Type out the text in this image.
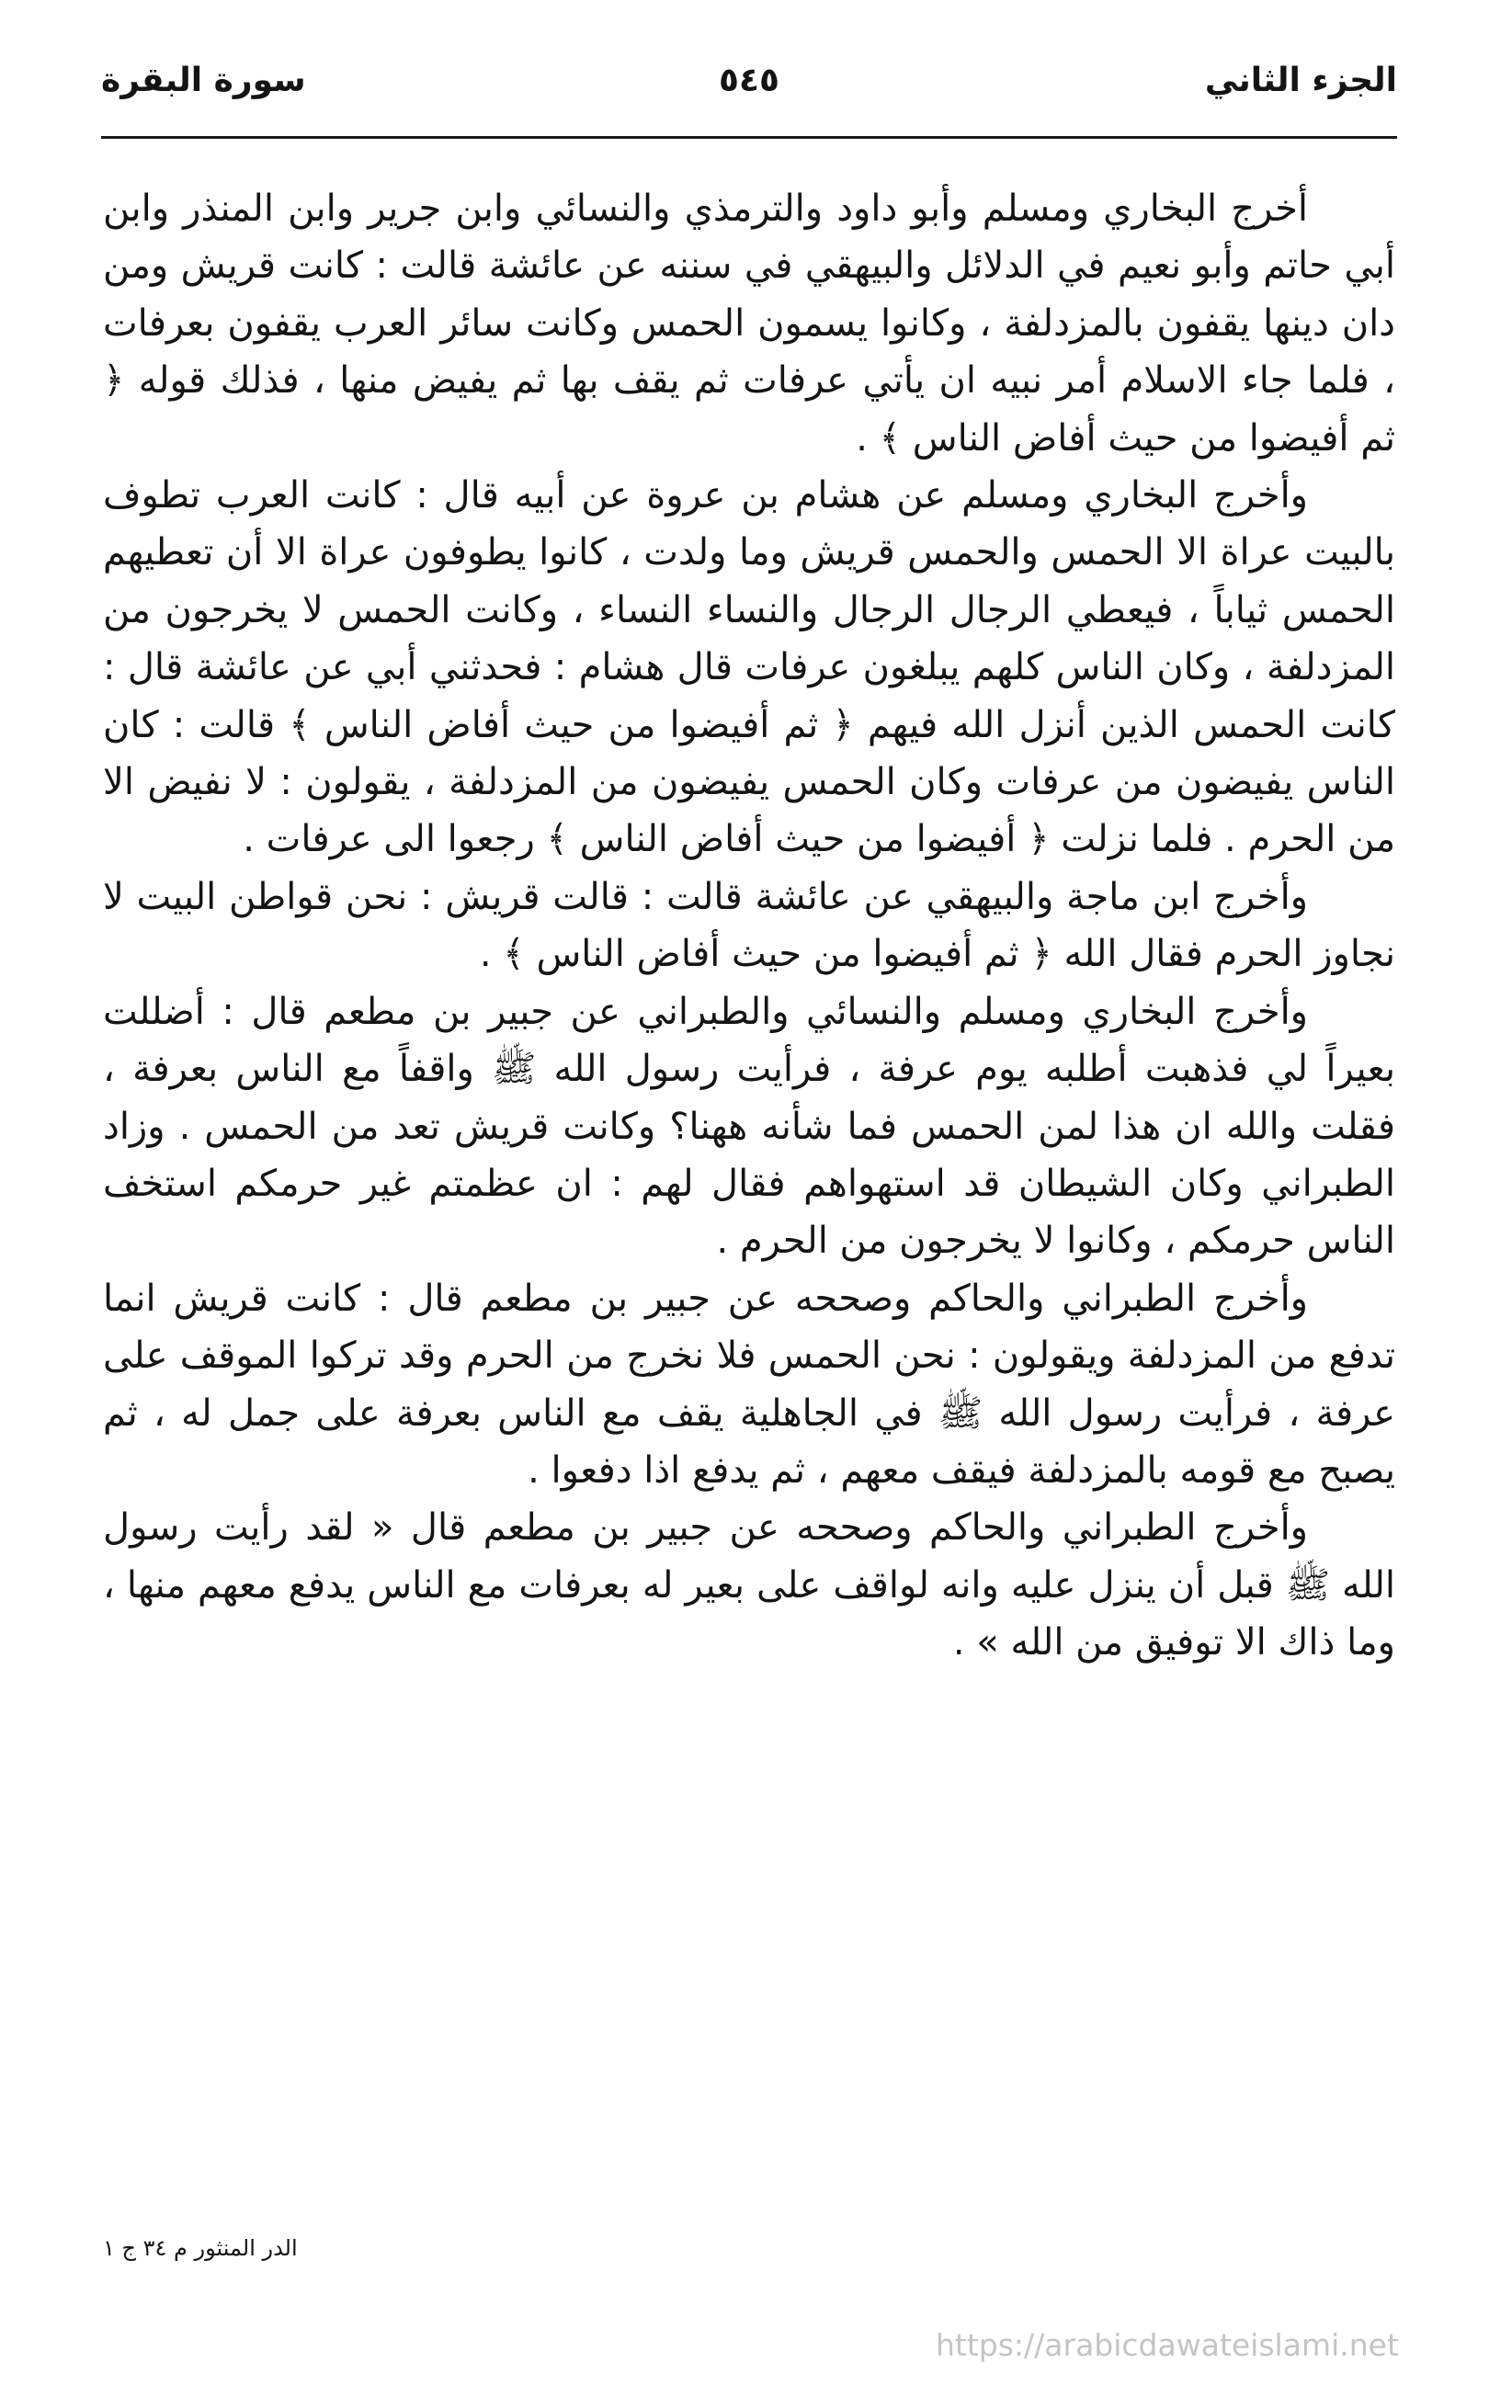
الجزء الثاني
٥٤٥
سورة البقرة

أخرج البخاري ومسلم وأبو داود والترمذي والنسائي وابن جرير وابن المنذر وابن أبي حاتم وأبو نعيم في الدلائل والبيهقي في سننه عن عائشة قالت : كانت قريش ومن دان دينها يقفون بالمزدلفة ، وكانوا يسمون الحمس وكانت سائر العرب يقفون بعرفات ، فلما جاء الاسلام أمر نبيه ان يأتي عرفات ثم يقف بها ثم يفيض منها ، فذلك قوله ﴿ ثم أفيضوا من حيث أفاض الناس ﴾ .

وأخرج البخاري ومسلم عن هشام بن عروة عن أبيه قال : كانت العرب تطوف بالبيت عراة الا الحمس والحمس قريش وما ولدت ، كانوا يطوفون عراة الا أن تعطيهم الحمس ثياباً ، فيعطي الرجال الرجال والنساء النساء ، وكانت الحمس لا يخرجون من المزدلفة ، وكان الناس كلهم يبلغون عرفات قال هشام : فحدثني أبي عن عائشة قال : كانت الحمس الذين أنزل الله فيهم ﴿ ثم أفيضوا من حيث أفاض الناس ﴾ قالت : كان الناس يفيضون من عرفات وكان الحمس يفيضون من المزدلفة ، يقولون : لا نفيض الا من الحرم . فلما نزلت ﴿ أفيضوا من حيث أفاض الناس ﴾ رجعوا الى عرفات .

وأخرج ابن ماجة والبيهقي عن عائشة قالت : قالت قريش : نحن قواطن البيت لا نجاوز الحرم فقال الله ﴿ ثم أفيضوا من حيث أفاض الناس ﴾ .

وأخرج البخاري ومسلم والنسائي والطبراني عن جبير بن مطعم قال : أضللت بعيراً لي فذهبت أطلبه يوم عرفة ، فرأيت رسول الله ﷺ واقفاً مع الناس بعرفة ، فقلت والله ان هذا لمن الحمس فما شأنه ههنا؟ وكانت قريش تعد من الحمس . وزاد الطبراني وكان الشيطان قد استهواهم فقال لهم : ان عظمتم غير حرمكم استخف الناس حرمكم ، وكانوا لا يخرجون من الحرم .

وأخرج الطبراني والحاكم وصححه عن جبير بن مطعم قال : كانت قريش انما تدفع من المزدلفة ويقولون : نحن الحمس فلا نخرج من الحرم وقد تركوا الموقف على عرفة ، فرأيت رسول الله ﷺ في الجاهلية يقف مع الناس بعرفة على جمل له ، ثم يصبح مع قومه بالمزدلفة فيقف معهم ، ثم يدفع اذا دفعوا .

وأخرج الطبراني والحاكم وصححه عن جبير بن مطعم قال « لقد رأيت رسول الله ﷺ قبل أن ينزل عليه وانه لواقف على بعير له بعرفات مع الناس يدفع معهم منها ، وما ذاك الا توفيق من الله » .

الدر المنثور م ٣٤ ج ١
https://arabicdawateislami.net
